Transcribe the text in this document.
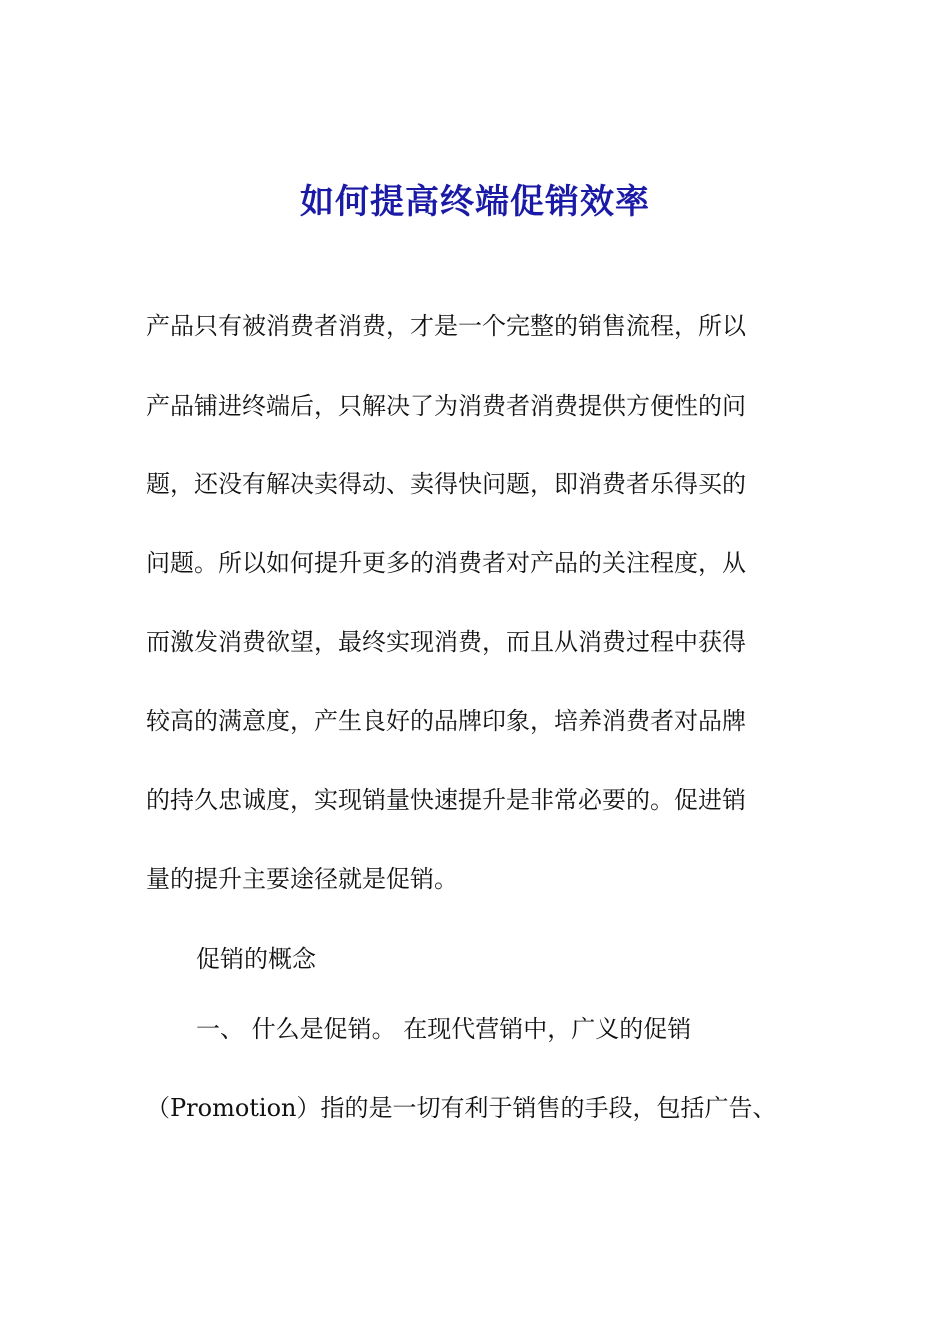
如何提高终端促销效率
产品只有被消费者消费，才是一个完整的销售流程，所以
产品铺进终端后，只解决了为消费者消费提供方便性的问
题，还没有解决卖得动、卖得快问题，即消费者乐得买的
问题。所以如何提升更多的消费者对产品的关注程度，从
而激发消费欲望，最终实现消费，而且从消费过程中获得
较高的满意度，产生良好的品牌印象，培养消费者对品牌
的持久忠诚度，实现销量快速提升是非常必要的。促进销
量的提升主要途径就是促销。
促销的概念
一、 什么是促销。 在现代营销中，广义的促销
（Promotion）指的是一切有利于销售的手段，包括广告、
